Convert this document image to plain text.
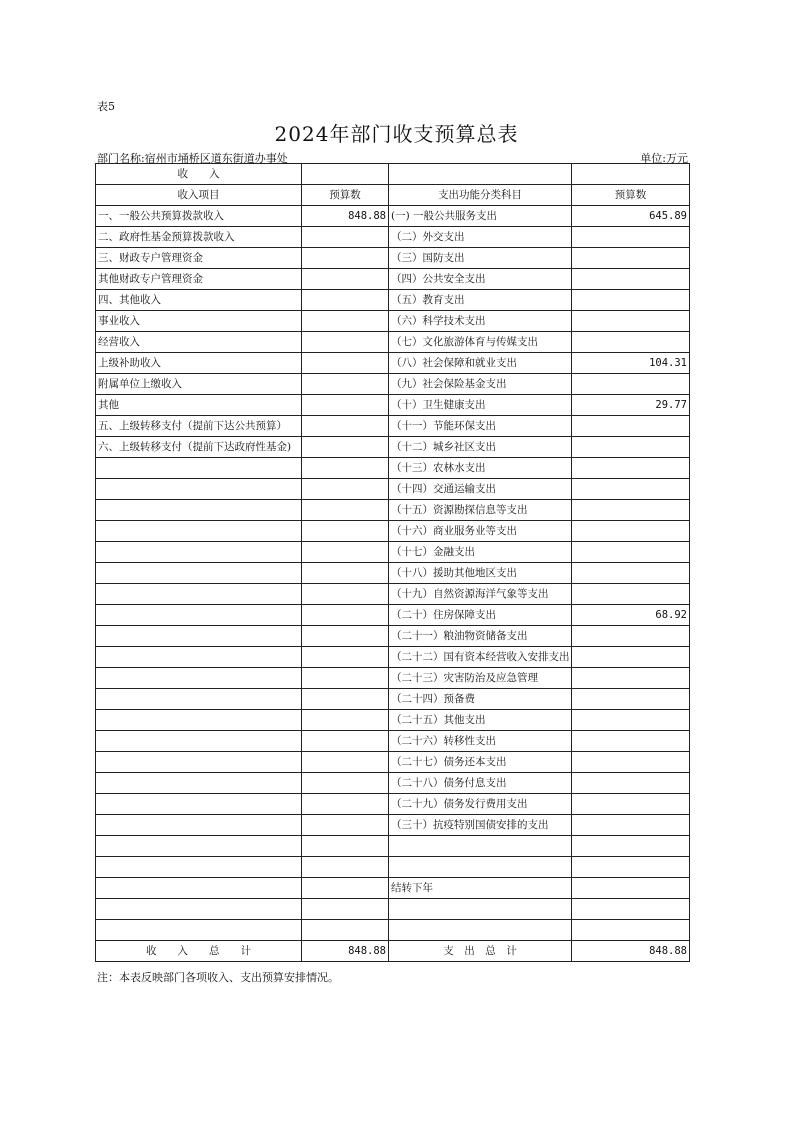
表5
2024年部门收支预算总表
部门名称:宿州市埇桥区道东街道办事处	单位:万元
收　　入			
收入项目	预算数	支出功能分类科目	预算数
一、一般公共预算拨款收入	848.88	(一) 一般公共服务支出	645.89
二、政府性基金预算拨款收入		（二）外交支出	
三、财政专户管理资金		（三）国防支出	
其他财政专户管理资金		（四）公共安全支出	
四、其他收入		（五）教育支出	
事业收入		（六）科学技术支出	
经营收入		（七）文化旅游体育与传媒支出	
上级补助收入		（八）社会保障和就业支出	104.31
附属单位上缴收入		（九）社会保险基金支出	
其他		（十）卫生健康支出	29.77
五、上级转移支付（提前下达公共预算）		（十一）节能环保支出	
六、上级转移支付（提前下达政府性基金)		（十二）城乡社区支出	
		（十三）农林水支出	
		（十四）交通运输支出	
		（十五）资源勘探信息等支出	
		（十六）商业服务业等支出	
		（十七）金融支出	
		（十八）援助其他地区支出	
		（十九）自然资源海洋气象等支出	
		（二十）住房保障支出	68.92
		（二十一）粮油物资储备支出	
		（二十二）国有资本经营收入安排支出	
		（二十三）灾害防治及应急管理	
		（二十四）预备费	
		（二十五）其他支出	
		（二十六）转移性支出	
		（二十七）债务还本支出	
		（二十八）债务付息支出	
		（二十九）债务发行费用支出	
		（三十）抗疫特别国债安排的支出	

		结转下年	

收　　入　　总　　计	848.88	支　出　总　计	848.88
注：本表反映部门各项收入、支出预算安排情况。
